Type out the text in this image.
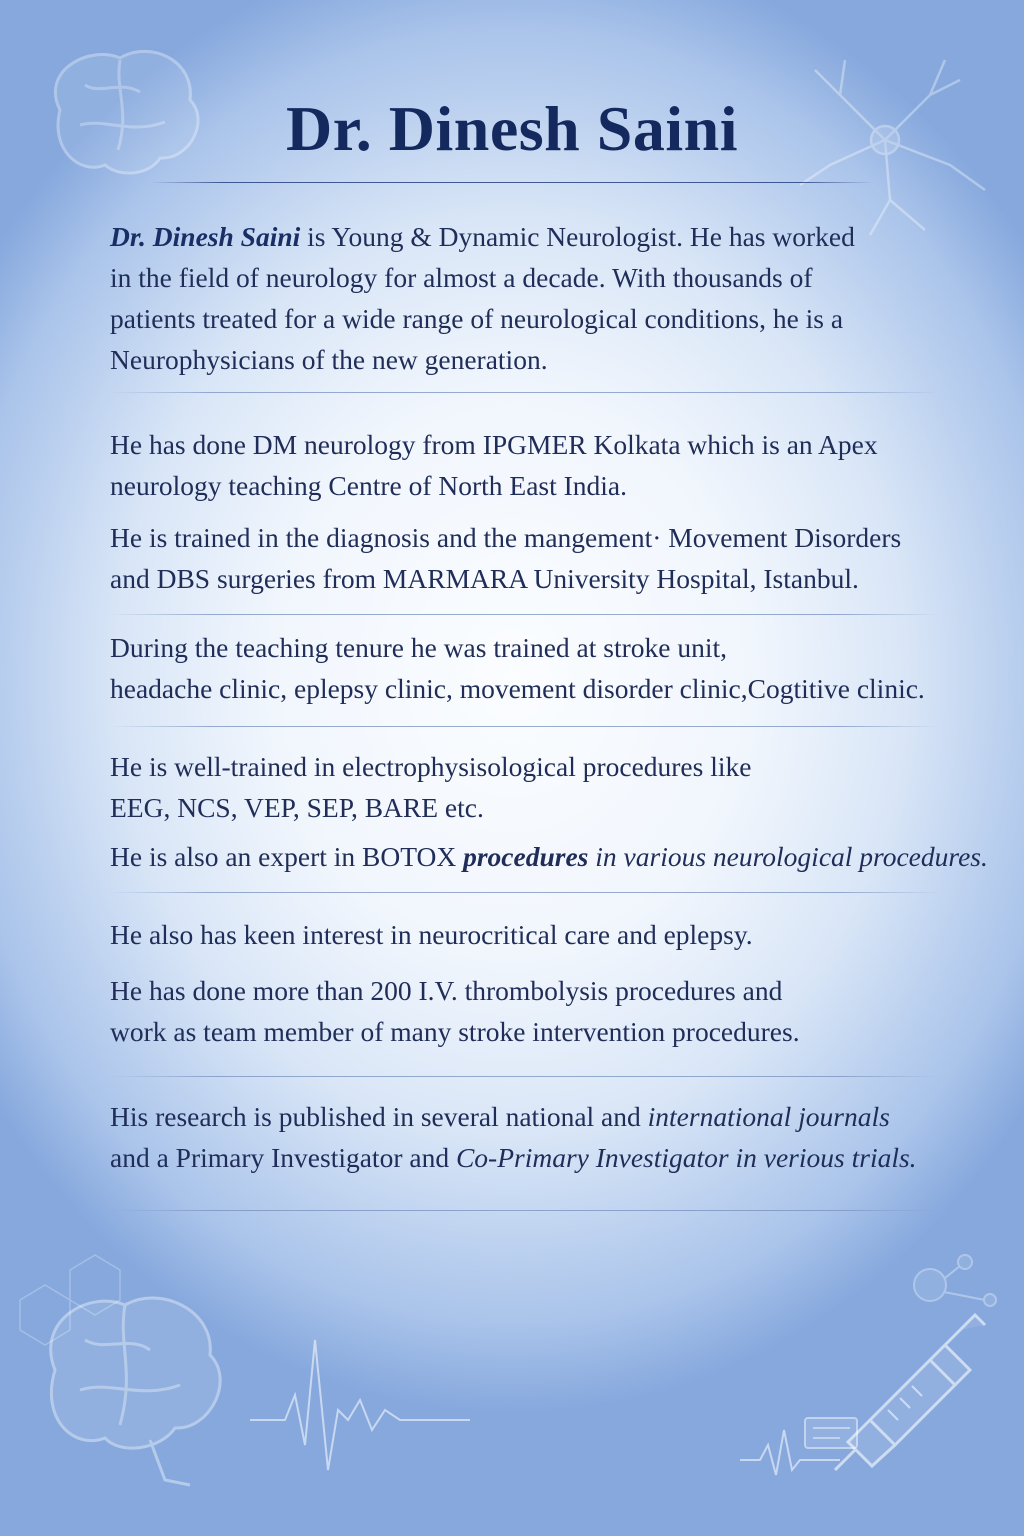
Dr. Dinesh Saini

Dr. Dinesh Saini is Young & Dynamic Neurologist. He has worked
in the field of neurology for almost a decade. With thousands of
patients treated for a wide range of neurological conditions, he is a
Neurophysicians of the new generation.

He has done DM neurology from IPGMER Kolkata which is an Apex
neurology teaching Centre of North East India.

He is trained in the diagnosis and the mangement· Movement Disorders
and DBS surgeries from MARMARA University Hospital, Istanbul.

During the teaching tenure he was trained at stroke unit,
headache clinic, eplepsy clinic, movement disorder clinic,Cogtitive clinic.

He is well-trained in electrophysisological procedures like
EEG, NCS, VEP, SEP, BARE etc.

He is also an expert in BOTOX procedures in various neurological procedures.

He also has keen interest in neurocritical care and eplepsy.

He has done more than 200 I.V. thrombolysis procedures and
work as team member of many stroke intervention procedures.

His research is published in several national and international journals
and a Primary Investigator and Co-Primary Investigator in verious trials.
